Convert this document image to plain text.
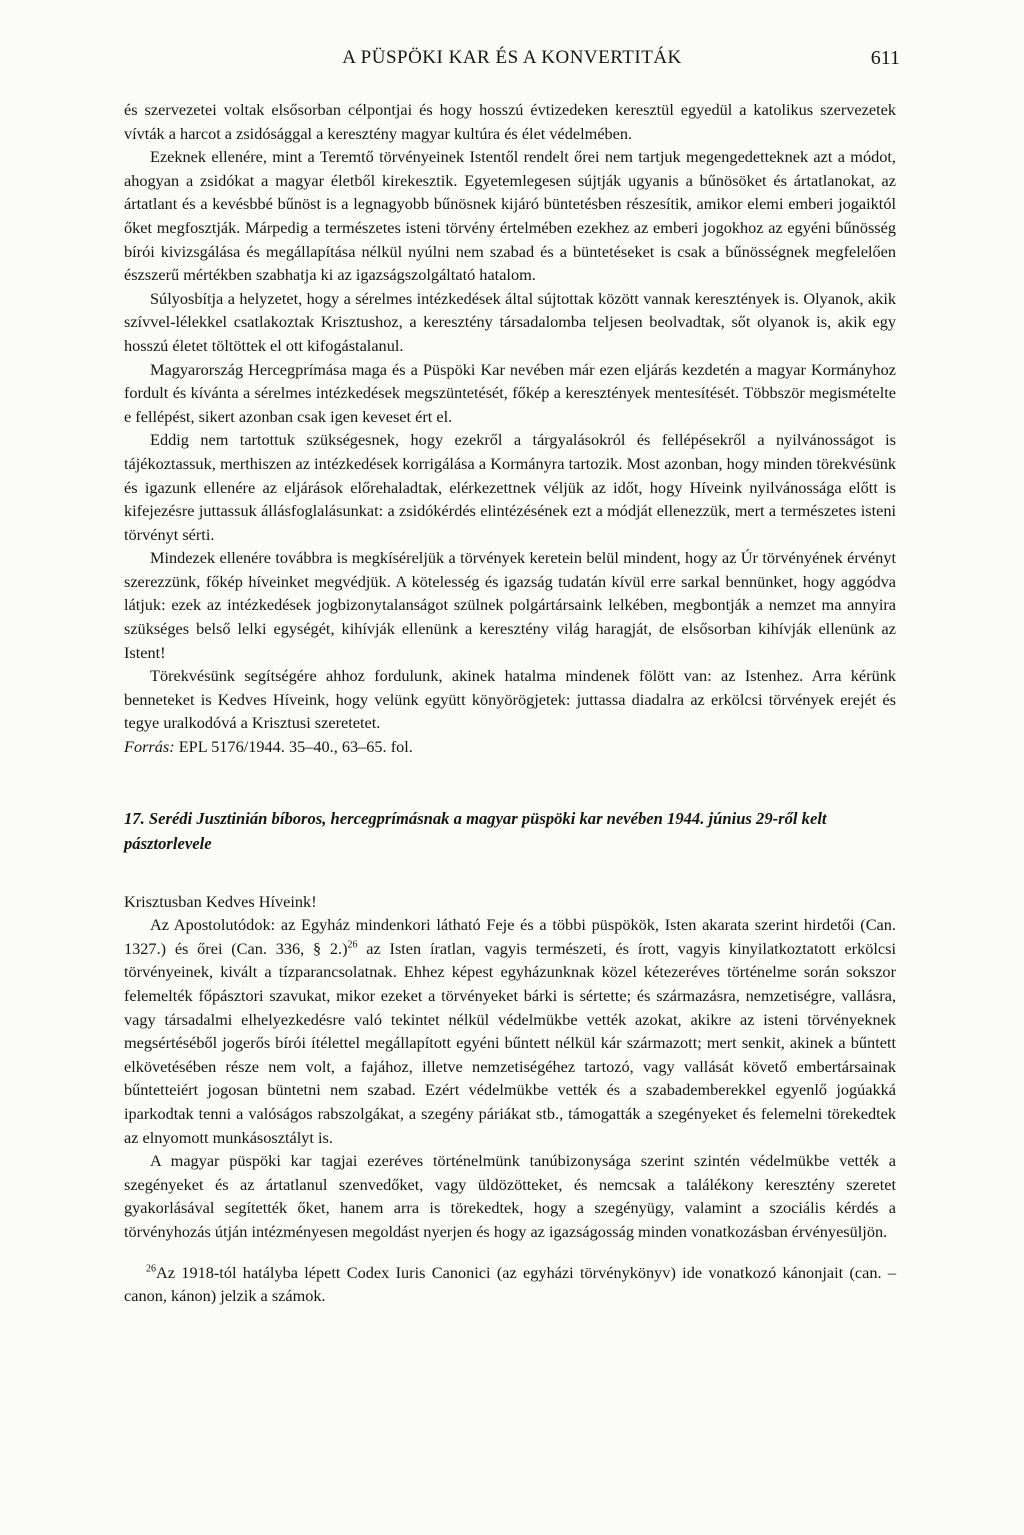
A PÜSPÖKI KAR ÉS A KONVERTITÁK	611

és szervezetei voltak elsősorban célpontjai és hogy hosszú évtizedeken keresztül egyedül a katolikus szervezetek vívták a harcot a zsidósággal a keresztény magyar kultúra és élet védelmében.

Ezeknek ellenére, mint a Teremtő törvényeinek Istentől rendelt őrei nem tartjuk megengedetteknek azt a módot, ahogyan a zsidókat a magyar életből kirekesztik. Egyetemlegesen sújtják ugyanis a bűnösöket és ártatlanokat, az ártatlant és a kevésbbé bűnöst is a legnagyobb bűnösnek kijáró büntetésben részesítik, amikor elemi emberi jogaiktól őket megfosztják. Márpedig a természetes isteni törvény értelmében ezekhez az emberi jogokhoz az egyéni bűnösség bírói kivizsgálása és megállapítása nélkül nyúlni nem szabad és a büntetéseket is csak a bűnösségnek megfelelően észszerű mértékben szabhatja ki az igazságszolgáltató hatalom.

Súlyosbítja a helyzetet, hogy a sérelmes intézkedések által sújtottak között vannak keresztények is. Olyanok, akik szívvel-lélekkel csatlakoztak Krisztushoz, a keresztény társadalomba teljesen beolvadtak, sőt olyanok is, akik egy hosszú életet töltöttek el ott kifogástalanul.

Magyarország Hercegprímása maga és a Püspöki Kar nevében már ezen eljárás kezdetén a magyar Kormányhoz fordult és kívánta a sérelmes intézkedések megszüntetését, főkép a keresztények mentesítését. Többször megismételte e fellépést, sikert azonban csak igen keveset ért el.

Eddig nem tartottuk szükségesnek, hogy ezekről a tárgyalásokról és fellépésekről a nyilvánosságot is tájékoztassuk, merthiszen az intézkedések korrigálása a Kormányra tartozik. Most azonban, hogy minden törekvésünk és igazunk ellenére az eljárások előrehaladtak, elérkezettnek véljük az időt, hogy Híveink nyilvánossága előtt is kifejezésre juttassuk állásfoglalásunkat: a zsidókérdés elintézésének ezt a módját ellenezzük, mert a természetes isteni törvényt sérti.

Mindezek ellenére továbbra is megkíséreljük a törvények keretein belül mindent, hogy az Úr törvényének érvényt szerezzünk, főkép híveinket megvédjük. A kötelesség és igazság tudatán kívül erre sarkal bennünket, hogy aggódva látjuk: ezek az intézkedések jogbizonytalanságot szülnek polgártársaink lelkében, megbontják a nemzet ma annyira szükséges belső lelki egységét, kihívják ellenünk a keresztény világ haragját, de elsősorban kihívják ellenünk az Istent!

Törekvésünk segítségére ahhoz fordulunk, akinek hatalma mindenek fölött van: az Istenhez. Arra kérünk benneteket is Kedves Híveink, hogy velünk együtt könyörögjetek: juttassa diadalra az erkölcsi törvények erejét és tegye uralkodóvá a Krisztusi szeretetet.

Forrás: EPL 5176/1944. 35–40., 63–65. fol.

17. Serédi Jusztinián bíboros, hercegprímásnak a magyar püspöki kar nevében 1944. június 29-ről kelt pásztorlevele

Krisztusban Kedves Híveink!

Az Apostolutódok: az Egyház mindenkori látható Feje és a többi püspökök, Isten akarata szerint hirdetői (Can. 1327.) és őrei (Can. 336, § 2.)$^{26}$ az Isten íratlan, vagyis természeti, és írott, vagyis kinyilatkoztatott erkölcsi törvényeinek, kivált a tízparancsolatnak. Ehhez képest egyházunknak közel kétezeréves történelme során sokszor felemelték főpásztori szavukat, mikor ezeket a törvényeket bárki is sértette; és származásra, nemzetiségre, vallásra, vagy társadalmi elhelyezkedésre való tekintet nélkül védelmükbe vették azokat, akikre az isteni törvényeknek megsértéséből jogerős bírói ítélettel megállapított egyéni bűntett nélkül kár származott; mert senkit, akinek a bűntett elkövetésében része nem volt, a fajához, illetve nemzetiségéhez tartozó, vagy vallását követő embertársainak bűntetteiért jogosan büntetni nem szabad. Ezért védelmükbe vették és a szabademberekkel egyenlő jogúakká iparkodtak tenni a valóságos rabszolgákat, a szegény páriákat stb., támogatták a szegényeket és felemelni törekedtek az elnyomott munkásosztályt is.

A magyar püspöki kar tagjai ezeréves történelmünk tanúbizonysága szerint szintén védelmükbe vették a szegényeket és az ártatlanul szenvedőket, vagy üldözötteket, és nemcsak a találékony keresztény szeretet gyakorlásával segítették őket, hanem arra is törekedtek, hogy a szegényügy, valamint a szociális kérdés a törvényhozás útján intézményesen megoldást nyerjen és hogy az igazságosság minden vonatkozásban érvényesüljön.

$^{26}$Az 1918-tól hatályba lépett Codex Iuris Canonici (az egyházi törvénykönyv) ide vonatkozó kánonjait (can. – canon, kánon) jelzik a számok.
